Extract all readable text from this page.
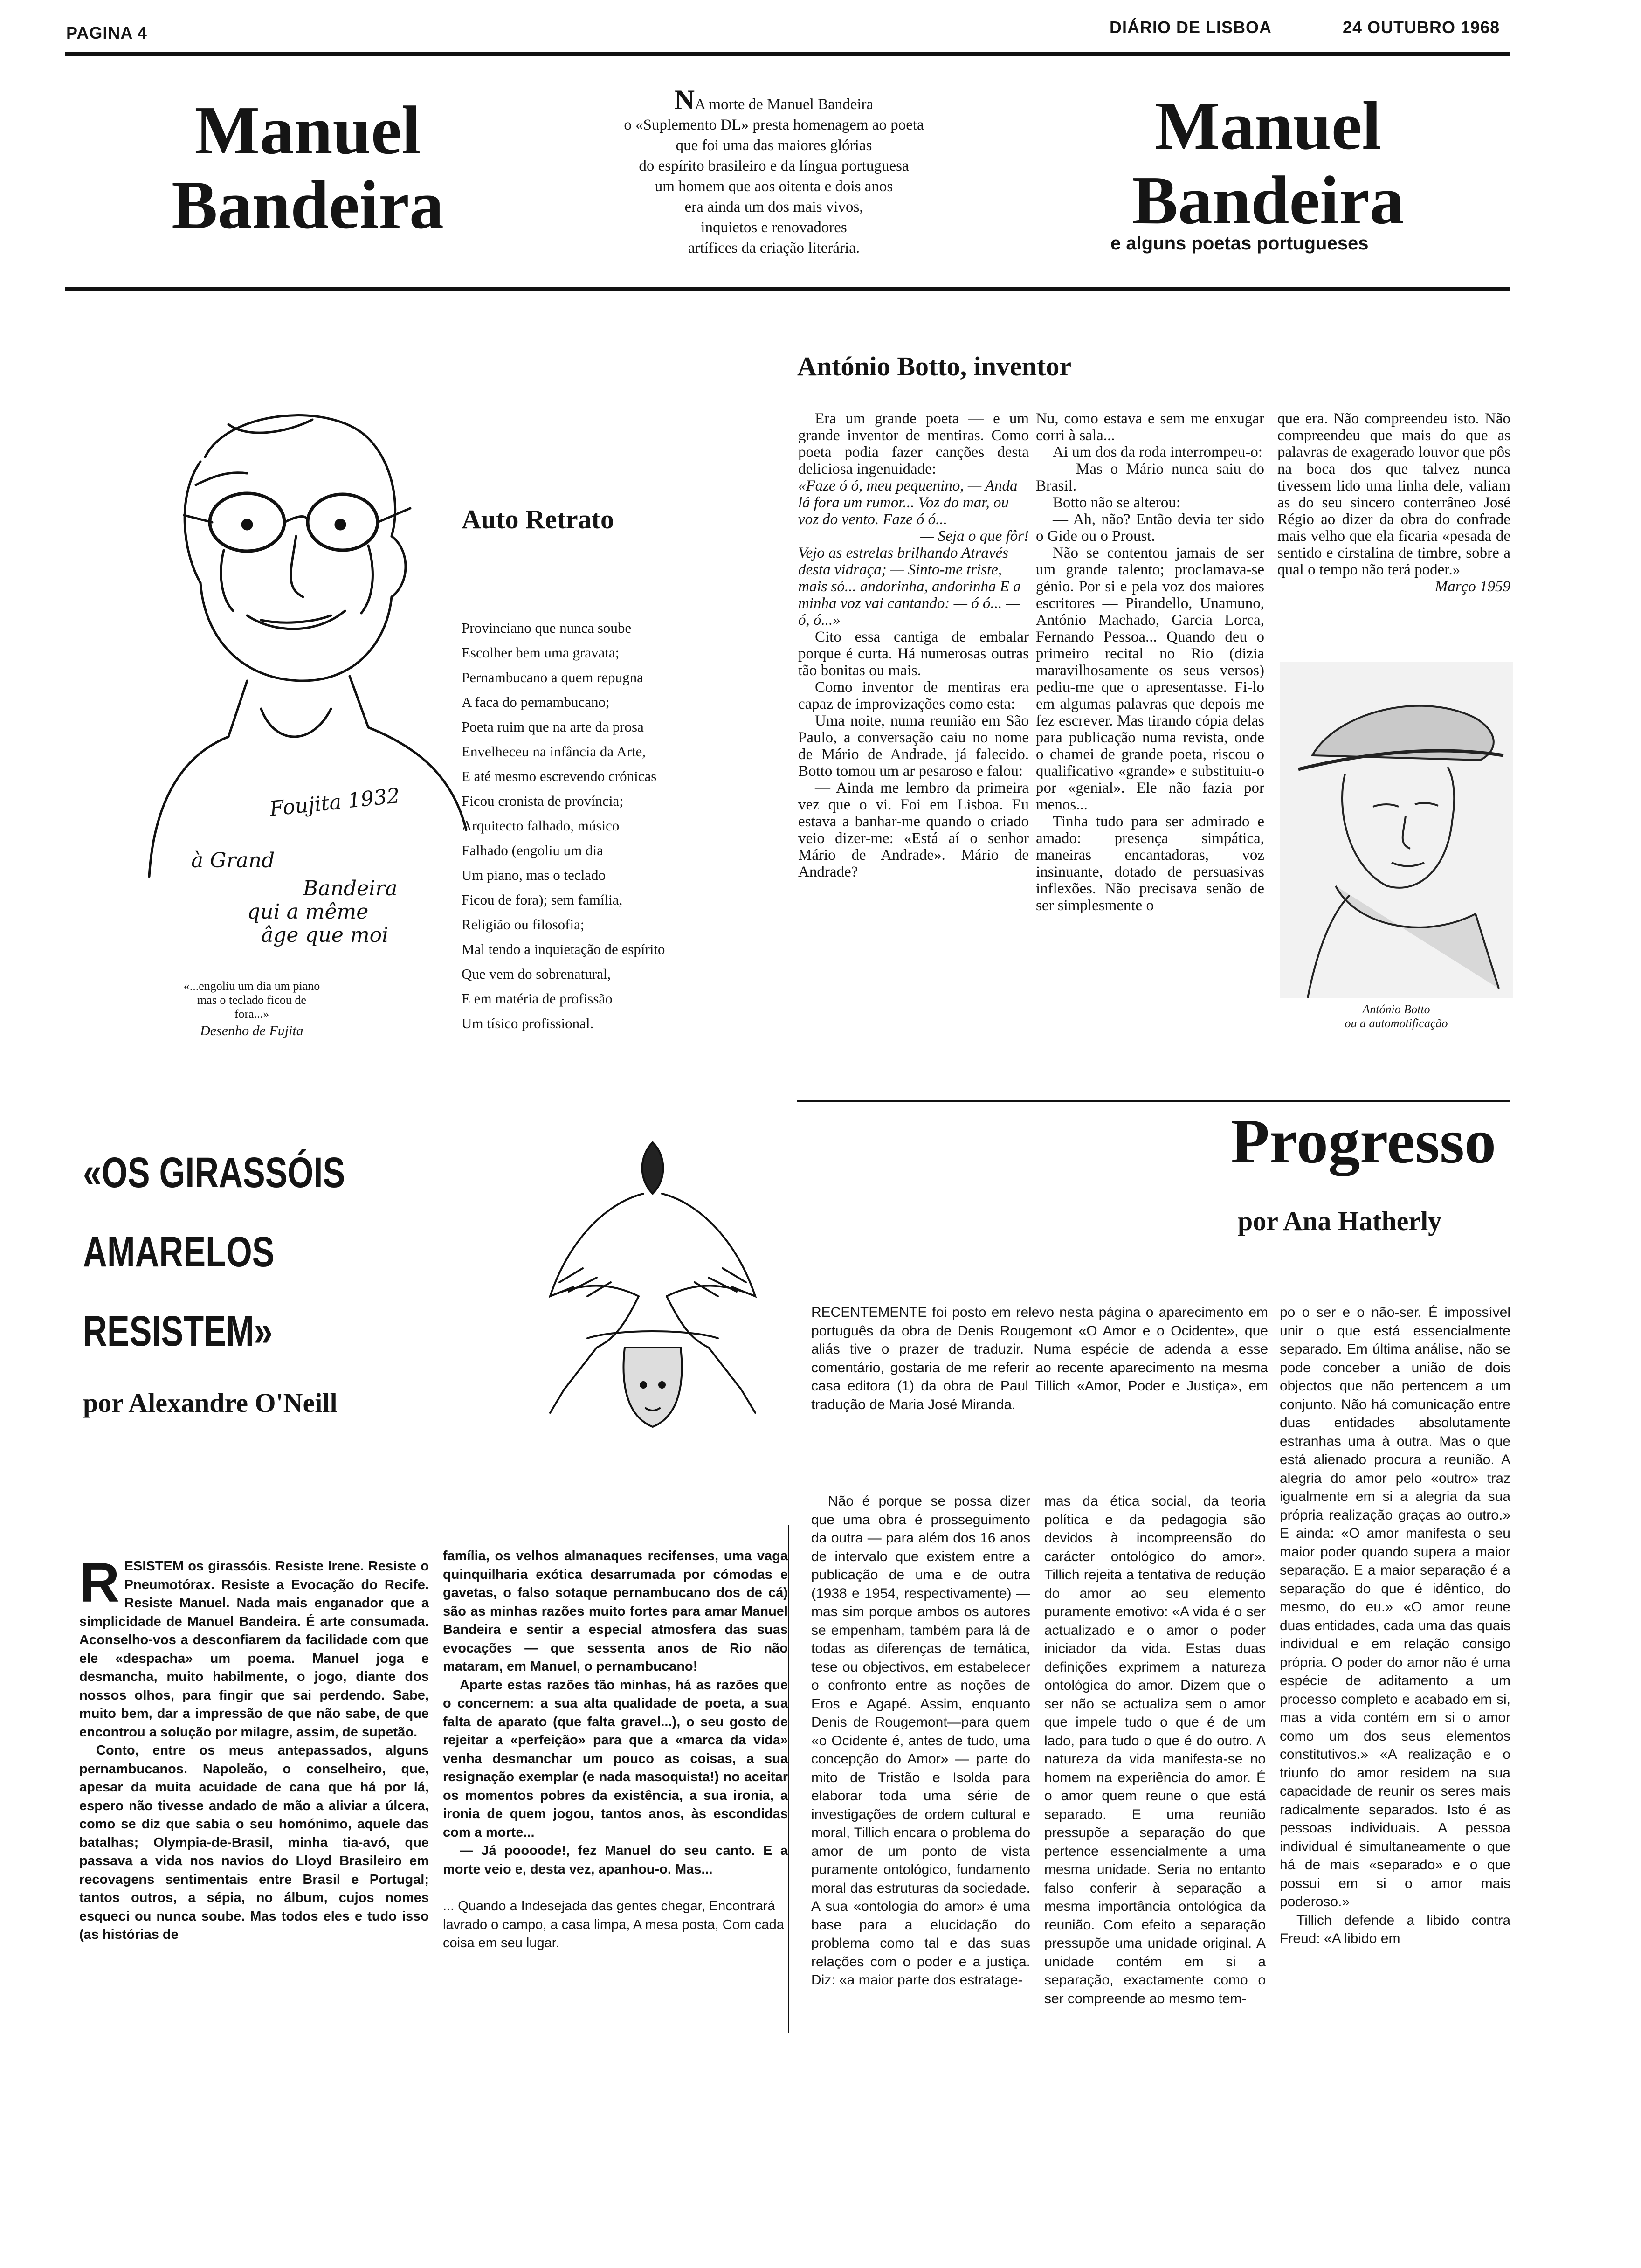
PAGINA 4	DIÁRIO DE LISBOA	24 OUTUBRO 1968
Manuel
Bandeira
NA morte de Manuel Bandeira
o «Suplemento DL» presta homenagem ao poeta
que foi uma das maiores glórias
do espírito brasileiro e da língua portuguesa
um homem que aos oitenta e dois anos
era ainda um dos mais vivos,
inquietos e renovadores
artífices da criação literária.
Manuel
Bandeira
e alguns poetas portugueses
Foujita 1932
à Grand
Bandeira
qui a même
âge que moi
Auto Retrato
Provinciano que nunca soube
Escolher bem uma gravata;
Pernambucano a quem repugna
A faca do pernambucano;
Poeta ruim que na arte da prosa
Envelheceu na infância da Arte,
E até mesmo escrevendo crónicas
Ficou cronista de província;
Arquitecto falhado, músico
Falhado (engoliu um dia
Um piano, mas o teclado
Ficou de fora); sem família,
Religião ou filosofia;
Mal tendo a inquietação de espírito
Que vem do sobrenatural,
E em matéria de profissão
Um tísico profissional.
«...engoliu um dia um piano
mas o teclado ficou de
fora...»
Desenho de Fujita
António Botto, inventor

Era um grande poeta — e um grande inventor de mentiras. Como poeta podia fazer canções desta deliciosa ingenuidade:

«Faze ó ó, meu pequenino, — Anda lá fora um rumor... Voz do mar, ou voz do vento. Faze ó ó...

— Seja o que fôr!

Vejo as estrelas brilhando Através desta vidraça; — Sinto-me triste, mais só... andorinha, andorinha E a minha voz vai cantando: — ó ó... — ó, ó...»

Cito essa cantiga de embalar porque é curta. Há numerosas outras tão bonitas ou mais.

Como inventor de mentiras era capaz de improvizações como esta:

Uma noite, numa reunião em São Paulo, a conversação caiu no nome de Mário de Andrade, já falecido. Botto tomou um ar pesaroso e falou:

— Ainda me lembro da primeira vez que o vi. Foi em Lisboa. Eu estava a banhar-me quando o criado veio dizer-me: «Está aí o senhor Mário de Andrade». Mário de Andrade?

Nu, como estava e sem me enxugar corri à sala...

Ai um dos da roda interrompeu-o:

— Mas o Mário nunca saiu do Brasil.

Botto não se alterou:

— Ah, não? Então devia ter sido o Gide ou o Proust.

Não se contentou jamais de ser um grande talento; proclamava-se génio. Por si e pela voz dos maiores escritores — Pirandello, Unamuno, António Machado, Garcia Lorca, Fernando Pessoa... Quando deu o primeiro recital no Rio (dizia maravilhosamente os seus versos) pediu-me que o apresentasse. Fi-lo em algumas palavras que depois me fez escrever. Mas tirando cópia delas para publicação numa revista, onde o chamei de grande poeta, riscou o qualificativo «grande» e substituiu-o por «genial». Ele não fazia por menos...

Tinha tudo para ser admirado e amado: presença simpática, maneiras encantadoras, voz insinuante, dotado de persuasivas inflexões. Não precisava senão de ser simplesmente o

que era. Não compreendeu isto. Não compreendeu que mais do que as palavras de exagerado louvor que pôs na boca dos que talvez nunca tivessem lido uma linha dele, valiam as do seu sincero conterrâneo José Régio ao dizer da obra do confrade mais velho que ela ficaria «pesada de sentido e cirstalina de timbre, sobre a qual o tempo não terá poder.»

Março 1959

António Botto
ou a automotificação
«OS GIRASSÓIS
AMARELOS
RESISTEM»
por Alexandre O'Neill

RESISTEM os girassóis. Resiste Irene. Resiste o Pneumotórax. Resiste a Evocação do Recife. Resiste Manuel. Nada mais enganador que a simplicidade de Manuel Bandeira. É arte consumada. Aconselho-vos a desconfiarem da facilidade com que ele «despacha» um poema. Manuel joga e desmancha, muito habilmente, o jogo, diante dos nossos olhos, para fingir que sai perdendo. Sabe, muito bem, dar a impressão de que não sabe, de que encontrou a solução por milagre, assim, de supetão.

Conto, entre os meus antepassados, alguns pernambucanos. Napoleão, o conselheiro, que, apesar da muita acuidade de cana que há por lá, espero não tivesse andado de mão a aliviar a úlcera, como se diz que sabia o seu homónimo, aquele das batalhas; Olympia-de-Brasil, minha tia-avó, que passava a vida nos navios do Lloyd Brasileiro em recovagens sentimentais entre Brasil e Portugal; tantos outros, a sépia, no álbum, cujos nomes esqueci ou nunca soube. Mas todos eles e tudo isso (as histórias de

família, os velhos almanaques recifenses, uma vaga quinquilharia exótica desarrumada por cómodas e gavetas, o falso sotaque pernambucano dos de cá) são as minhas razões muito fortes para amar Manuel Bandeira e sentir a especial atmosfera das suas evocações — que sessenta anos de Rio não mataram, em Manuel, o pernambucano!

Aparte estas razões tão minhas, há as razões que o concernem: a sua alta qualidade de poeta, a sua falta de aparato (que falta gravel...), o seu gosto de rejeitar a «perfeição» para que a «marca da vida» venha desmanchar um pouco as coisas, a sua resignação exemplar (e nada masoquista!) no aceitar os momentos pobres da existência, a sua ironia, a ironia de quem jogou, tantos anos, às escondidas com a morte...

— Já poooode!, fez Manuel do seu canto. E a morte veio e, desta vez, apanhou-o. Mas...

... Quando a Indesejada das gentes chegar, Encontrará lavrado o campo, a casa limpa, A mesa posta, Com cada coisa em seu lugar.

Progresso
por Ana Hatherly

RECENTEMENTE foi posto em relevo nesta página o aparecimento em português da obra de Denis Rougemont «O Amor e o Ocidente», que aliás tive o prazer de traduzir. Numa espécie de adenda a esse comentário, gostaria de me referir ao recente aparecimento na mesma casa editora (1) da obra de Paul Tillich «Amor, Poder e Justiça», em tradução de Maria José Miranda.

Não é porque se possa dizer que uma obra é prosseguimento da outra — para além dos 16 anos de intervalo que existem entre a publicação de uma e de outra (1938 e 1954, respectivamente) — mas sim porque ambos os autores se empenham, também para lá de todas as diferenças de temática, tese ou objectivos, em estabelecer o confronto entre as noções de Eros e Agapé. Assim, enquanto Denis de Rougemont—para quem «o Ocidente é, antes de tudo, uma concepção do Amor» — parte do mito de Tristão e Isolda para elaborar toda uma série de investigações de ordem cultural e moral, Tillich encara o problema do amor de um ponto de vista puramente ontológico, fundamento moral das estruturas da sociedade. A sua «ontologia do amor» é uma base para a elucidação do problema como tal e das suas relações com o poder e a justiça. Diz: «a maior parte dos estratage-

mas da ética social, da teoria política e da pedagogia são devidos à incompreensão do carácter ontológico do amor». Tillich rejeita a tentativa de redução do amor ao seu elemento puramente emotivo: «A vida é o ser actualizado e o amor o poder iniciador da vida. Estas duas definições exprimem a natureza ontológica do amor. Dizem que o ser não se actualiza sem o amor que impele tudo o que é de um lado, para tudo o que é do outro. A natureza da vida manifesta-se no homem na experiência do amor. É o amor quem reune o que está separado. E uma reunião pressupõe a separação do que pertence essencialmente a uma mesma unidade. Seria no entanto falso conferir à separação a mesma importância ontológica da reunião. Com efeito a separação pressupõe uma unidade original. A unidade contém em si a separação, exactamente como o ser compreende ao mesmo tem-

po o ser e o não-ser. É impossível unir o que está essencialmente separado. Em última análise, não se pode conceber a união de dois objectos que não pertencem a um conjunto. Não há comunicação entre duas entidades absolutamente estranhas uma à outra. Mas o que está alienado procura a reunião. A alegria do amor pelo «outro» traz igualmente em si a alegria da sua própria realização graças ao outro.» E ainda: «O amor manifesta o seu maior poder quando supera a maior separação. E a maior separação é a separação do que é idêntico, do mesmo, do eu.» «O amor reune duas entidades, cada uma das quais individual e em relação consigo própria. O poder do amor não é uma espécie de aditamento a um processo completo e acabado em si, mas a vida contém em si o amor como um dos seus elementos constitutivos.» «A realização e o triunfo do amor residem na sua capacidade de reunir os seres mais radicalmente separados. Isto é as pessoas individuais. A pessoa individual é simultaneamente o que há de mais «separado» e o que possui em si o amor mais poderoso.»

Tillich defende a libido contra Freud: «A libido em
